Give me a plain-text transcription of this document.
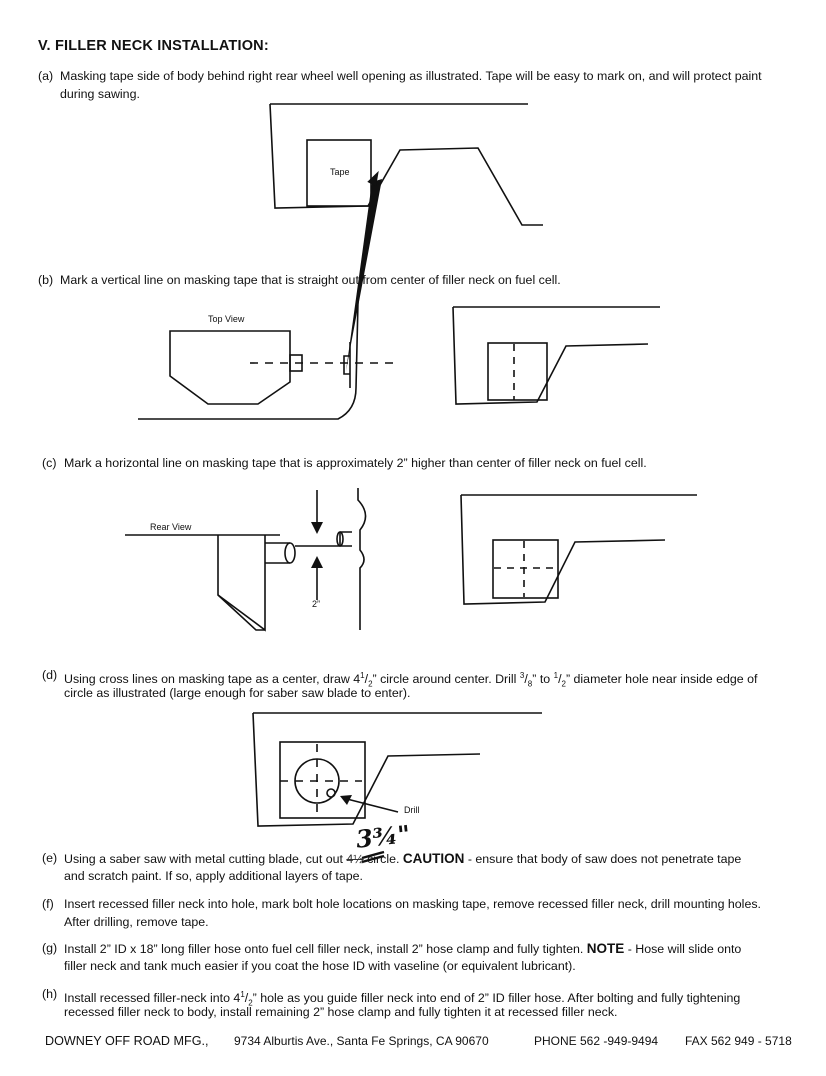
V. FILLER NECK INSTALLATION:
(a) Masking tape side of body behind right rear wheel well opening as illustrated. Tape will be easy to mark on, and will protect paint
during sawing.
Tape
Top View
Rear View
2”
Drill
(b) Mark a vertical line on masking tape that is straight out from center of filler neck on fuel cell.
(c) Mark a horizontal line on masking tape that is approximately 2” higher than center of filler neck on fuel cell.
(d) Using cross lines on masking tape as a center, draw $4^1/_2$” circle around center. Drill $^3/_8$” to $^1/_2$” diameter hole near inside edge of
circle as illustrated (large enough for saber saw blade to enter).
3¾"
(e) Using a saber saw with metal cutting blade, cut out 4½ circle. CAUTION - ensure that body of saw does not penetrate tape
and scratch paint. If so, apply additional layers of tape.
(f) Insert recessed filler neck into hole, mark bolt hole locations on masking tape, remove recessed filler neck, drill mounting holes.
After drilling, remove tape.
(g) Install 2” ID x 18” long filler hose onto fuel cell filler neck, install 2” hose clamp and fully tighten. NOTE - Hose will slide onto
filler neck and tank much easier if you coat the hose ID with vaseline (or equivalent lubricant).
(h) Install recessed filler-neck into $4^1/_2$” hole as you guide filler neck into end of 2” ID filler hose. After bolting and fully tightening
recessed filler neck to body, install remaining 2” hose clamp and fully tighten it at recessed filler neck.
DOWNEY OFF ROAD MFG., 9734 Alburtis Ave., Santa Fe Springs, CA 90670	PHONE 562 -949-9494 FAX 562 949 - 5718
